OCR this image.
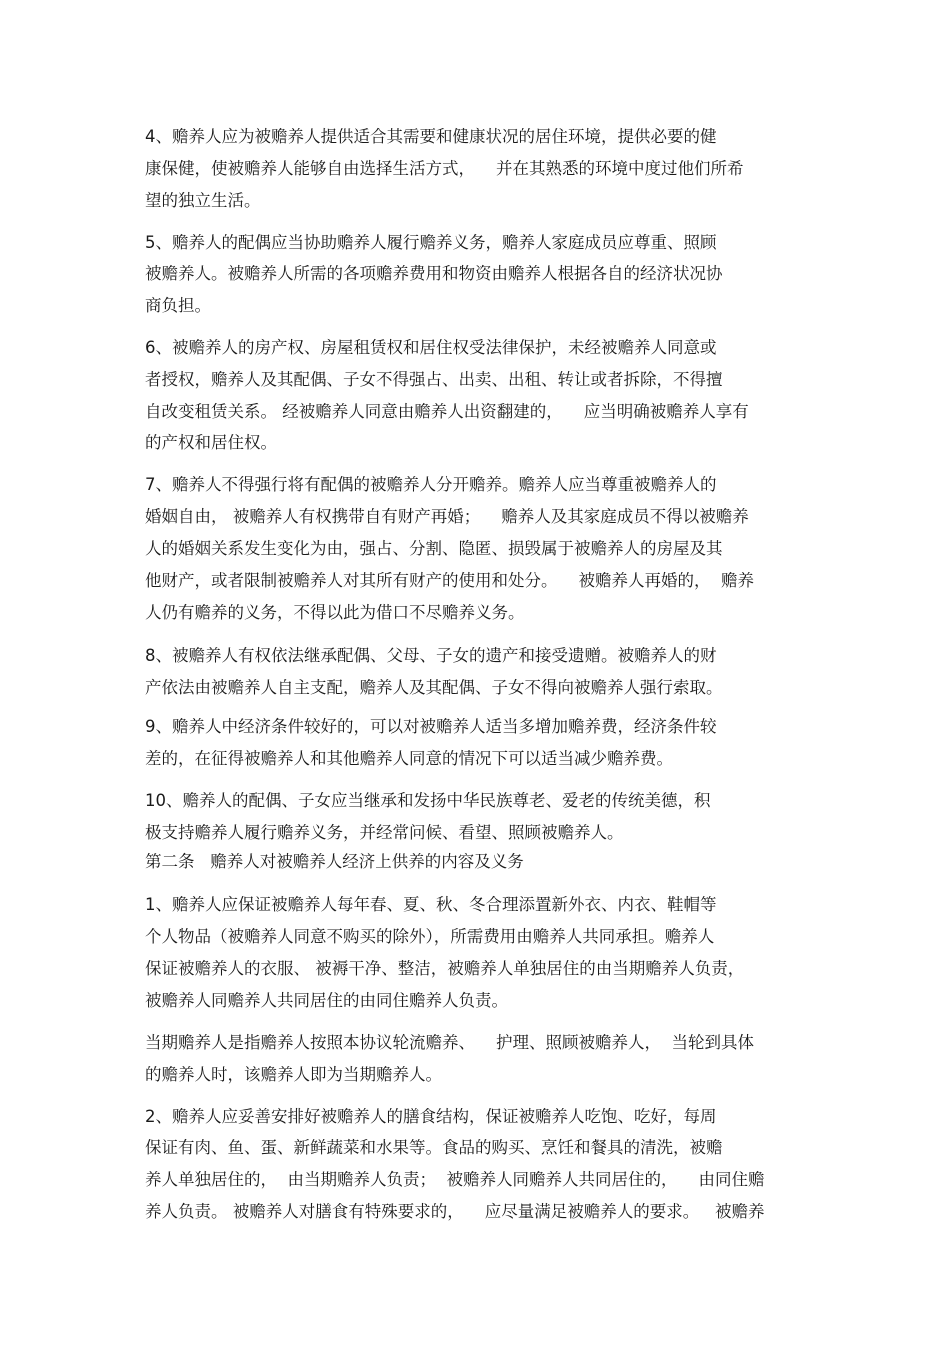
4、赡养人应为被赡养人提供适合其需要和健康状况的居住环境，提供必要的健
康保健，使被赡养人能够自由选择生活方式，    并在其熟悉的环境中度过他们所希
望的独立生活。
5、赡养人的配偶应当协助赡养人履行赡养义务，赡养人家庭成员应尊重、照顾
被赡养人。被赡养人所需的各项赡养费用和物资由赡养人根据各自的经济状况协
商负担。
6、被赡养人的房产权、房屋租赁权和居住权受法律保护，未经被赡养人同意或
者授权，赡养人及其配偶、子女不得强占、出卖、出租、转让或者拆除，不得擅
自改变租赁关系。 经被赡养人同意由赡养人出资翻建的，    应当明确被赡养人享有
的产权和居住权。
7、赡养人不得强行将有配偶的被赡养人分开赡养。赡养人应当尊重被赡养人的
婚姻自由， 被赡养人有权携带自有财产再婚；    赡养人及其家庭成员不得以被赡养
人的婚姻关系发生变化为由，强占、分割、隐匿、损毁属于被赡养人的房屋及其
他财产，或者限制被赡养人对其所有财产的使用和处分。    被赡养人再婚的，  赡养
人仍有赡养的义务，不得以此为借口不尽赡养义务。
8、被赡养人有权依法继承配偶、父母、子女的遗产和接受遗赠。被赡养人的财
产依法由被赡养人自主支配，赡养人及其配偶、子女不得向被赡养人强行索取。
9、赡养人中经济条件较好的，可以对被赡养人适当多增加赡养费，经济条件较
差的，在征得被赡养人和其他赡养人同意的情况下可以适当减少赡养费。
10、赡养人的配偶、子女应当继承和发扬中华民族尊老、爱老的传统美德，积
极支持赡养人履行赡养义务，并经常问候、看望、照顾被赡养人。
第二条   赡养人对被赡养人经济上供养的内容及义务
1、赡养人应保证被赡养人每年春、夏、秋、冬合理添置新外衣、内衣、鞋帽等
个人物品（被赡养人同意不购买的除外），所需费用由赡养人共同承担。赡养人
保证被赡养人的衣服、 被褥干净、整洁，被赡养人单独居住的由当期赡养人负责，
被赡养人同赡养人共同居住的由同住赡养人负责。
当期赡养人是指赡养人按照本协议轮流赡养、    护理、照顾被赡养人，  当轮到具体
的赡养人时，该赡养人即为当期赡养人。
2、赡养人应妥善安排好被赡养人的膳食结构，保证被赡养人吃饱、吃好，每周
保证有肉、鱼、蛋、新鲜蔬菜和水果等。食品的购买、烹饪和餐具的清洗，被赡
养人单独居住的，  由当期赡养人负责；  被赡养人同赡养人共同居住的，    由同住赡
养人负责。 被赡养人对膳食有特殊要求的，    应尽量满足被赡养人的要求。   被赡养
